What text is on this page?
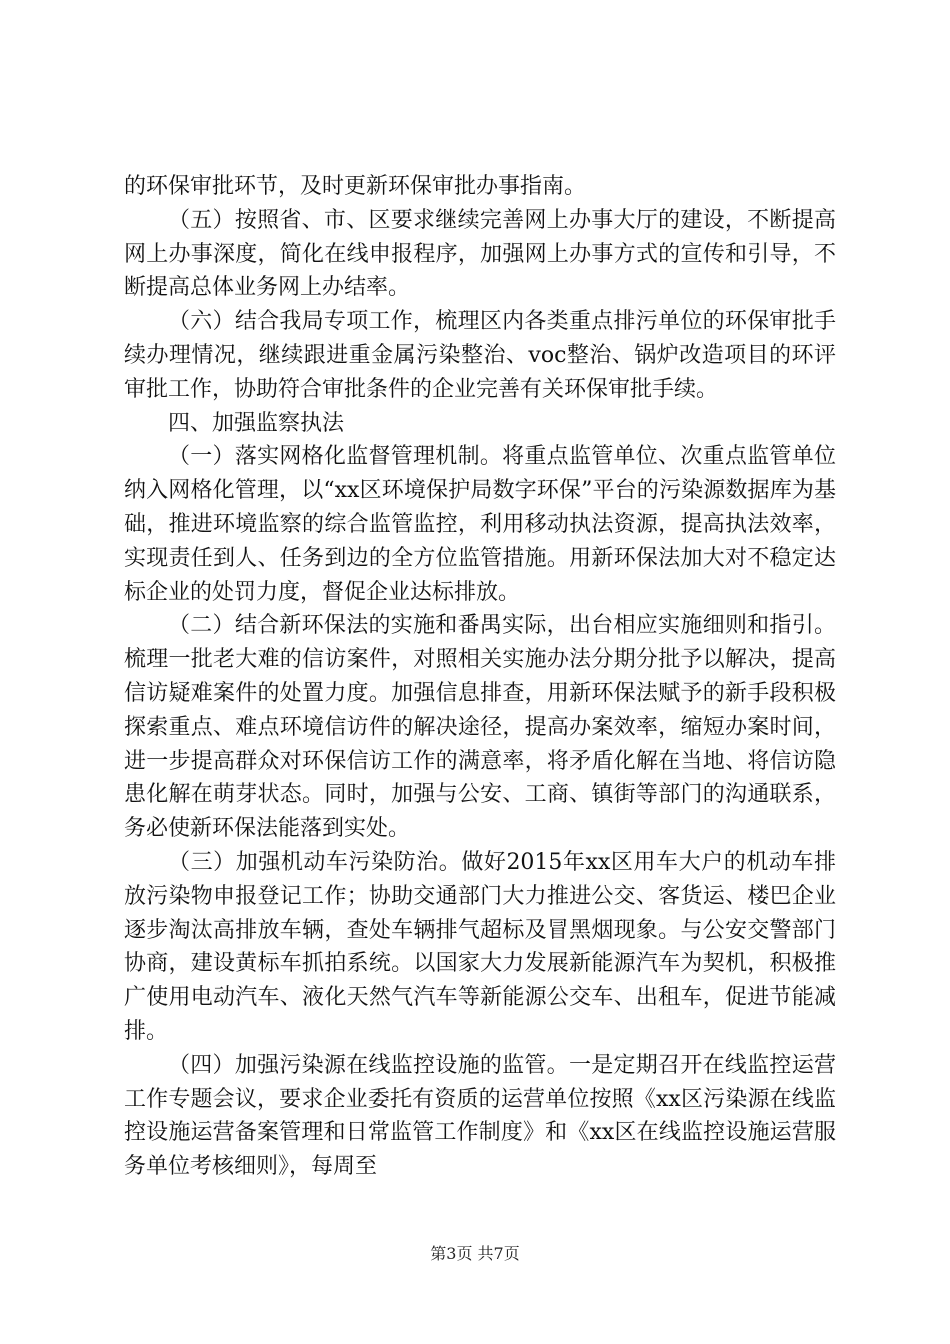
的环保审批环节，及时更新环保审批办事指南。

（五）按照省、市、区要求继续完善网上办事大厅的建设，不断提高网上办事深度，简化在线申报程序，加强网上办事方式的宣传和引导，不断提高总体业务网上办结率。

（六）结合我局专项工作，梳理区内各类重点排污单位的环保审批手续办理情况，继续跟进重金属污染整治、voc整治、锅炉改造项目的环评审批工作，协助符合审批条件的企业完善有关环保审批手续。

四、加强监察执法

（一）落实网格化监督管理机制。将重点监管单位、次重点监管单位纳入网格化管理，以“xx区环境保护局数字环保”平台的污染源数据库为基础，推进环境监察的综合监管监控，利用移动执法资源，提高执法效率，实现责任到人、任务到边的全方位监管措施。用新环保法加大对不稳定达标企业的处罚力度，督促企业达标排放。

（二）结合新环保法的实施和番禺实际，出台相应实施细则和指引。梳理一批老大难的信访案件，对照相关实施办法分期分批予以解决，提高信访疑难案件的处置力度。加强信息排查，用新环保法赋予的新手段积极探索重点、难点环境信访件的解决途径，提高办案效率，缩短办案时间，进一步提高群众对环保信访工作的满意率，将矛盾化解在当地、将信访隐患化解在萌芽状态。同时，加强与公安、工商、镇街等部门的沟通联系，务必使新环保法能落到实处。

（三）加强机动车污染防治。做好2015年xx区用车大户的机动车排放污染物申报登记工作；协助交通部门大力推进公交、客货运、楼巴企业逐步淘汰高排放车辆，查处车辆排气超标及冒黑烟现象。与公安交警部门协商，建设黄标车抓拍系统。以国家大力发展新能源汽车为契机，积极推广使用电动汽车、液化天然气汽车等新能源公交车、出租车，促进节能减排。

（四）加强污染源在线监控设施的监管。一是定期召开在线监控运营工作专题会议，要求企业委托有资质的运营单位按照《xx区污染源在线监控设施运营备案管理和日常监管工作制度》和《xx区在线监控设施运营服务单位考核细则》，每周至

第3页 共7页
